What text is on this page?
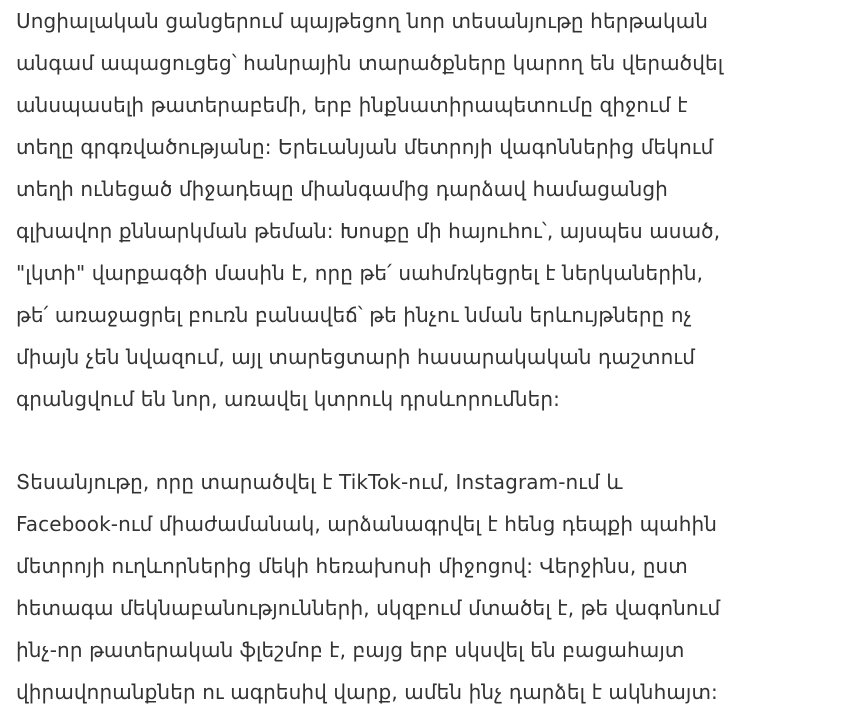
Սոցիալական ցանցերում պայթեցող նոր տեսանյութը հերթական
անգամ ապացուցեց՝ հանրային տարածքները կարող են վերածվել
անսպասելի թատերաբեմի, երբ ինքնատիրապետումը զիջում է
տեղը գրգռվածությանը: Երեւանյան մետրոյի վագոններից մեկում
տեղի ունեցած միջադեպը միանգամից դարձավ համացանցի
գլխավոր քննարկման թեման: Խոսքը մի հայուհու՝, այսպես ասած,
"լկտի" վարքագծի մասին է, որը թե՛ սահմռկեցրել է ներկաներին,
թե՛ առաջացրել բուռն բանավեճ՝ թե ինչու նման երևույթները ոչ
միայն չեն նվազում, այլ տարեցտարի հասարակական դաշտում
գրանցվում են նոր, առավել կտրուկ դրսևորումներ:

Տեսանյութը, որը տարածվել է TikTok-ում, Instagram-ում և
Facebook-ում միաժամանակ, արձանագրվել է հենց դեպքի պահին
մետրոյի ուղևորներից մեկի հեռախոսի միջոցով: Վերջինս, ըստ
հետագա մեկնաբանությունների, սկզբում մտածել է, թե վագոնում
ինչ-որ թատերական ֆլեշմոբ է, բայց երբ սկսվել են բացահայտ
վիրավորանքներ ու ագրեսիվ վարք, ամեն ինչ դարձել է ակնհայտ:
